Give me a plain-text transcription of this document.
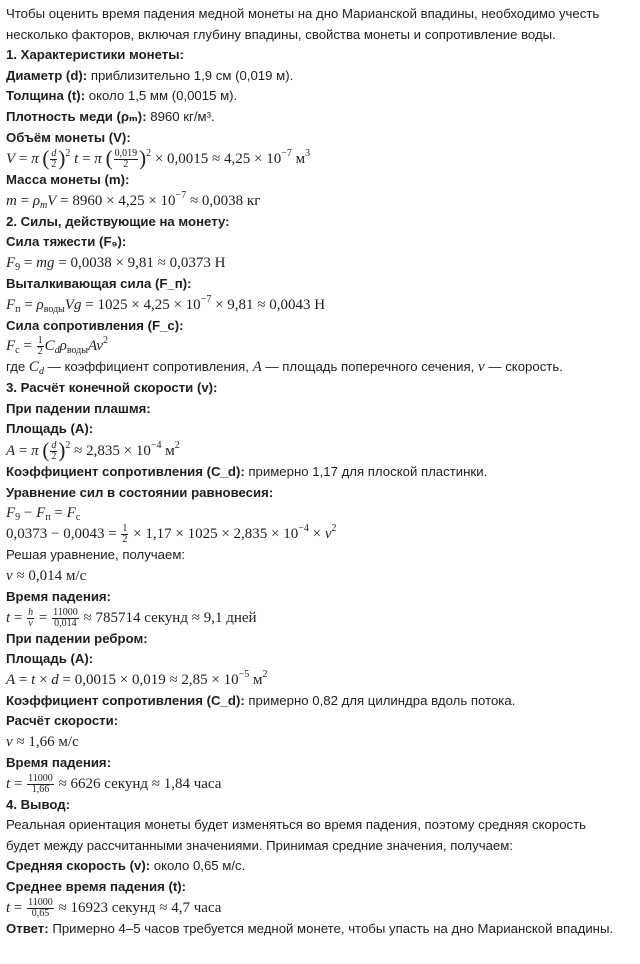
Чтобы оценить время падения медной монеты на дно Марианской впадины, необходимо учесть
несколько факторов, включая глубину впадины, свойства монеты и сопротивление воды.
1. Характеристики монеты:
Диаметр (d): приблизительно 1,9 см (0,019 м).
Толщина (t): около 1,5 мм (0,0015 м).
Плотность меди (ρₘ): 8960 кг/м³.
Объём монеты (V):
V = π ( $\frac{d}{2} )^2$ t = π ( $\frac{0,019}{2} )^2 \times 0,0015 \approx 4,25 \times 10^{-7}$ $м^3$
Масса монеты (m):
$m = \rho_mV = 8960 \times 4,25 \times 10^{-7} \approx 0,0038$ кг
2. Силы, действующие на монету:
Сила тяжести (F₉):
$F_9$ = mg = 0,0038 × 9,81 ≈ 0,0373 Н
Выталкивающая сила (F_п):
$F_п = \rho_{воды}Vg = 1025 \times 4,25 \times 10^{-7} \times 9,81 \approx 0,0043$ Н
Сила сопротивления (F_c):
$F_с = \frac{1}{2} C_d\rho_{воды}Av^2$
где $C_d$ — коэффициент сопротивления, A — площадь поперечного сечения, v — скорость.
3. Расчёт конечной скорости (v):
При падении плашмя:
Площадь (A):
A = π ( $\frac{d}{2} )^2 \approx 2,835 \times 10^{-4}$ $м^2$
Коэффициент сопротивления (C_d): примерно 1,17 для плоской пластинки.
Уравнение сил в состоянии равновесия:
$F_9 - F_п = F_с$
$0,0373 - 0,0043 = \frac{1}{2} \times 1,17 \times 1025 \times 2,835 \times 10^{-4} \times v^2$
Решая уравнение, получаем:
v ≈ 0,014 м/с
Время падения:
$t = \frac{h}{v} = \frac{11000}{0,014} \approx 785714$ секунд ≈ 9,1 дней
При падении ребром:
Площадь (A):
$A = t \times d = 0,0015 \times 0,019 \approx 2,85 \times 10^{-5}$ $м^2$
Коэффициент сопротивления (C_d): примерно 0,82 для цилиндра вдоль потока.
Расчёт скорости:
v ≈ 1,66 м/с
Время падения:
$t = \frac{11000}{1,66} \approx 6626$ секунд ≈ 1,84 часа
4. Вывод:
Реальная ориентация монеты будет изменяться во время падения, поэтому средняя скорость
будет между рассчитанными значениями. Принимая средние значения, получаем:
Средняя скорость (v): около 0,65 м/с.
Среднее время падения (t):
$t = \frac{11000}{0,65} \approx 16923$ секунд ≈ 4,7 часа
Ответ: Примерно 4–5 часов требуется медной монете, чтобы упасть на дно Марианской впадины.
